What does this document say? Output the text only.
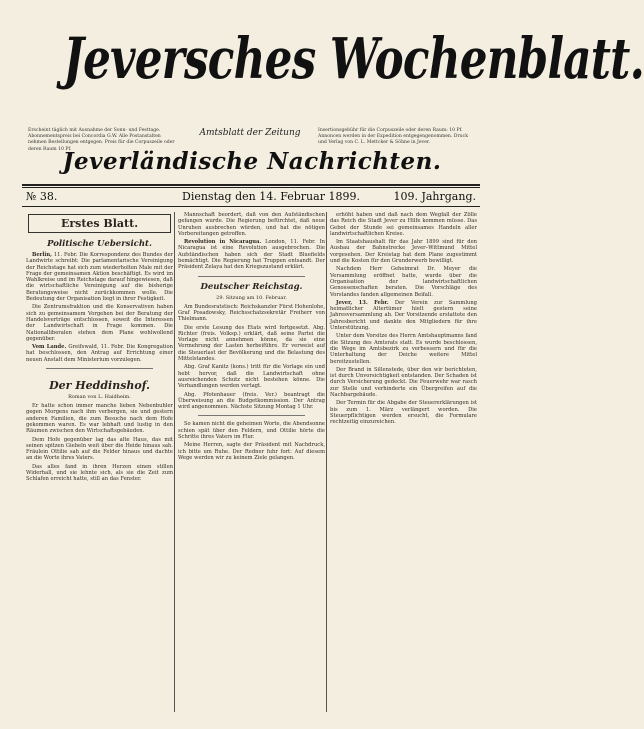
Jeversches Wochenblatt.
Erscheint täglich mit Ausnahme der Sonn- und Festtage. Abonnementspreis bei Concordia G.W. Alle Postanstalten nehmen Bestellungen entgegen. Preis für die Corpuszeile oder deren Raum 10 Pf.
Amtsblatt der Zeitung	Insertionsgebühr für die Corpuszeile oder deren Raum: 10 Pf. Annoncen werden in der Expedition entgegengenommen. Druck und Verlag von C. L. Mettcker & Söhne in Jever.
Jeverländische Nachrichten.
№ 38.	Dienstag den 14. Februar 1899.	109. Jahrgang.
Erstes Blatt.
Politische Uebersicht.
Berlin, 11. Febr. Die Korrespondenz des Bundes der Landwirte schreibt: Die parlamentarische Vereinigung der Reichstage hat sich zum wiederholten Male mit der Frage der gemeinsamen Aktion beschäftigt. Es wird im Wahlkreise und im Reichstage darauf hingewiesen, daß die wirtschaftliche Vereinigung auf die bisherige Beratungsweise nicht zurückkommen wolle. Die Bedeutung der Organisation liegt in ihrer Festigkeit.
Die Zentrumsfraktion und die Konservativen haben sich zu gemeinsamem Vorgehen bei der Beratung der Handelsverträge entschlossen, soweit die Interessen der Landwirtschaft in Frage kommen. Die Nationalliberalen stehen dem Plane wohlwollend gegenüber.
Vom Lande. Greifswald, 11. Febr. Die Kongregation hat beschlossen, den Antrag auf Errichtung einer neuen Anstalt dem Ministerium vorzulegen.
Der Heddinshof.
Roman von L. Haidheim.
Er hatte schon immer manche lieben Nebenbuhler gegen Morgens nach ihm verbergen, sie und gestern anderen Familien, die zum Besuche nach dem Hofe gekommen waren. Es war lebhaft und lustig in den Räumen zwischen den Wirtschaftsgebäuden.
Dem Hofe gegenüber lag das alte Haus, das mit seinen spitzen Giebeln weit über die Heide hinaus sah. Fräulein Ottilie sah auf die Felder hinaus und dachte an die Worte ihres Vaters.
Das alles fand in ihren Herzen einen stillen Widerhall, und sie lehnte sich, als sie die Zeit zum Schlafen erreicht hatte, still an das Fenster.
Mannschaft beordert, daß von den Aufständischen gefangen wurde. Die Regierung befürchtet, daß neue Unruhen ausbrechen würden, und hat die nötigen Vorbereitungen getroffen.
Revolution in Nicaragua. London, 11. Febr. In Nicaragua ist eine Revolution ausgebrochen. Die Aufständischen haben sich der Stadt Bluefields bemächtigt. Die Regierung hat Truppen entsandt. Der Präsident Zelaya hat den Kriegszustand erklärt.
Deutscher Reichstag.
29. Sitzung am 10. Februar.
Am Bundesratstisch: Reichskanzler Fürst Hohenlohe, Graf Posadowsky, Reichsschatzsekretär Freiherr von Thielmann.
Die erste Lesung des Etats wird fortgesetzt. Abg. Richter (freis. Volksp.) erklärt, daß seine Partei die Vorlage nicht annehmen könne, da sie eine Vermehrung der Lasten herbeiführe. Er verweist auf die Steuerlast der Bevölkerung und die Belastung des Mittelstandes.
Abg. Graf Kanitz (kons.) tritt für die Vorlage ein und hebt hervor, daß die Landwirtschaft ohne ausreichenden Schutz nicht bestehen könne. Die Verhandlungen werden vertagt.
Abg. Pfotenhauer (freis. Ver.) beantragt die Überweisung an die Budgetkommission. Der Antrag wird angenommen. Nächste Sitzung Montag 1 Uhr.
So kamen nicht die geheimen Worte, die Abendsonne schien spät über den Feldern, und Ottilie hörte die Schritte ihres Vaters im Flur.
Meine Herren, sagte der Präsident mit Nachdruck, ich bitte um Ruhe. Der Redner fuhr fort: Auf diesem Wege werden wir zu keinem Ziele gelangen.
erhöht haben und daß nach dem Wegfall der Zölle das Reich die Stadt Jever zu Hilfe kommen müsse. Das Gebot der Stunde sei gemeinsames Handeln aller landwirtschaftlichen Kreise.
Im Staatshaushalt für das Jahr 1899 sind für den Ausbau der Bahnstrecke Jever–Wittmund Mittel vorgesehen. Der Kreistag hat dem Plane zugestimmt und die Kosten für den Grunderwerb bewilligt.
Nachdem Herr Geheimrat Dr. Meyer die Versammlung eröffnet hatte, wurde über die Organisation der landwirtschaftlichen Genossenschaften beraten. Die Vorschläge des Vorstandes fanden allgemeinen Beifall.
Jever, 13. Febr. Der Verein zur Sammlung heimatlicher Altertümer hielt gestern seine Jahresversammlung ab. Der Vorsitzende erstattete den Jahresbericht und dankte den Mitgliedern für ihre Unterstützung.
Unter dem Vorsitze des Herrn Amtshauptmanns fand die Sitzung des Amtsrats statt. Es wurde beschlossen, die Wege im Amtsbezirk zu verbessern und für die Unterhaltung der Deiche weitere Mittel bereitzustellen.
Der Brand in Sillenstede, über den wir berichteten, ist durch Unvorsichtigkeit entstanden. Der Schaden ist durch Versicherung gedeckt. Die Feuerwehr war rasch zur Stelle und verhinderte ein Übergreifen auf die Nachbargebäude.
Der Termin für die Abgabe der Steuererklärungen ist bis zum 1. März verlängert worden. Die Steuerpflichtigen werden ersucht, die Formulare rechtzeitig einzureichen.
